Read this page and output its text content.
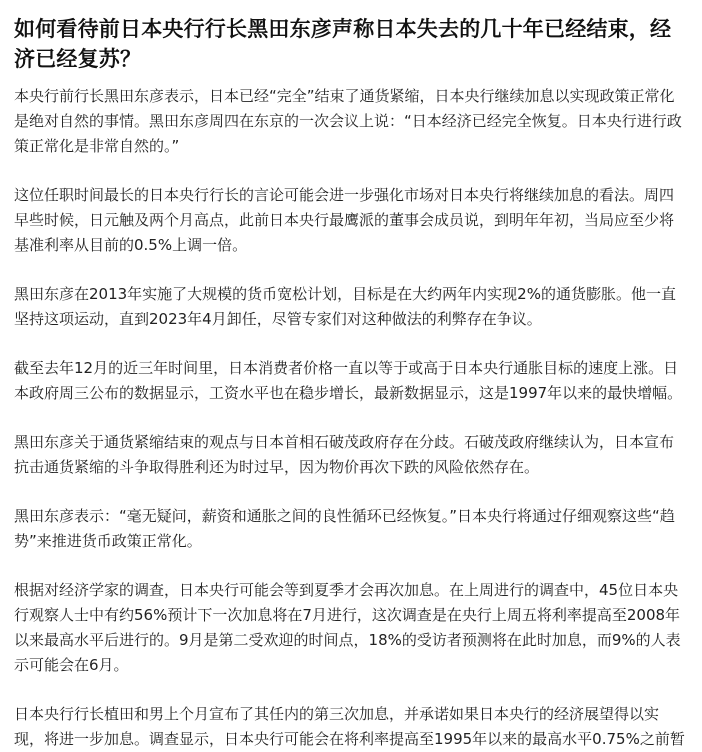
如何看待前日本央行行长黑田东彦声称日本失去的几十年已经结束，经济已经复苏？

本央行前行长黑田东彦表示，日本已经“完全”结束了通货紧缩，日本央行继续加息以实现政策正常化是绝对自然的事情。黑田东彦周四在东京的一次会议上说：“日本经济已经完全恢复。日本央行进行政策正常化是非常自然的。”

这位任职时间最长的日本央行行长的言论可能会进一步强化市场对日本央行将继续加息的看法。周四早些时候，日元触及两个月高点，此前日本央行最鹰派的董事会成员说，到明年年初，当局应至少将基准利率从目前的0.5%上调一倍。

黑田东彦在2013年实施了大规模的货币宽松计划，目标是在大约两年内实现2%的通货膨胀。他一直坚持这项运动，直到2023年4月卸任，尽管专家们对这种做法的利弊存在争议。

截至去年12月的近三年时间里，日本消费者价格一直以等于或高于日本央行通胀目标的速度上涨。日本政府周三公布的数据显示，工资水平也在稳步增长，最新数据显示，这是1997年以来的最快增幅。

黑田东彦关于通货紧缩结束的观点与日本首相石破茂政府存在分歧。石破茂政府继续认为，日本宣布抗击通货紧缩的斗争取得胜利还为时过早，因为物价再次下跌的风险依然存在。

黑田东彦表示：“毫无疑问，薪资和通胀之间的良性循环已经恢复。”日本央行将通过仔细观察这些“趋势”来推进货币政策正常化。

根据对经济学家的调查，日本央行可能会等到夏季才会再次加息。在上周进行的调查中，45位日本央行观察人士中有约56%预计下一次加息将在7月进行，这次调查是在央行上周五将利率提高至2008年以来最高水平后进行的。9月是第二受欢迎的时间点，18%的受访者预测将在此时加息，而9%的人表示可能会在6月。

日本央行行长植田和男上个月宣布了其任内的第三次加息，并承诺如果日本央行的经济展望得以实现，将进一步加息。调查显示，日本央行可能会在将利率提高至1995年以来的最高水平0.75%之前暂
